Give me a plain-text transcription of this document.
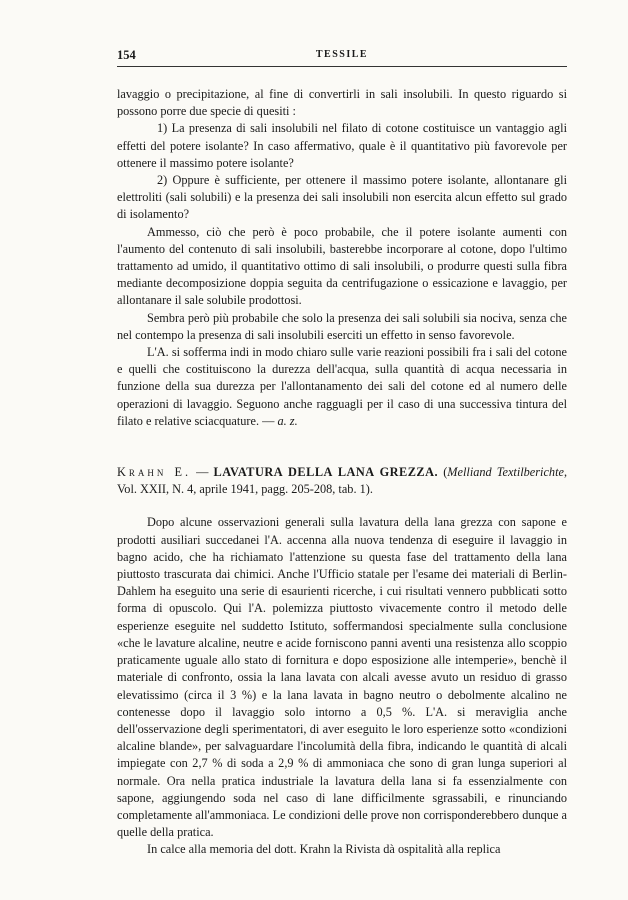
154	TESSILE

lavaggio o precipitazione, al fine di convertirli in sali insolubili. In questo riguardo si possono porre due specie di quesiti :

1) La presenza di sali insolubili nel filato di cotone costituisce un vantaggio agli effetti del potere isolante? In caso affermativo, quale è il quantitativo più favorevole per ottenere il massimo potere isolante?

2) Oppure è sufficiente, per ottenere il massimo potere isolante, allontanare gli elettroliti (sali solubili) e la presenza dei sali insolubili non esercita alcun effetto sul grado di isolamento?

Ammesso, ciò che però è poco probabile, che il potere isolante aumenti con l'aumento del contenuto di sali insolubili, basterebbe incorporare al cotone, dopo l'ultimo trattamento ad umido, il quantitativo ottimo di sali insolubili, o produrre questi sulla fibra mediante decomposizione doppia seguita da centrifugazione o essicazione e lavaggio, per allontanare il sale solubile prodottosi.

Sembra però più probabile che solo la presenza dei sali solubili sia nociva, senza che nel contempo la presenza di sali insolubili eserciti un effetto in senso favorevole.

L'A. si sofferma indi in modo chiaro sulle varie reazioni possibili fra i sali del cotone e quelli che costituiscono la durezza dell'acqua, sulla quantità di acqua necessaria in funzione della sua durezza per l'allontanamento dei sali del cotone ed al numero delle operazioni di lavaggio. Seguono anche ragguagli per il caso di una successiva tintura del filato e relative sciacquature. — a. z.

Krahn E. — LAVATURA DELLA LANA GREZZA. (Melliand Textilberichte, Vol. XXII, N. 4, aprile 1941, pagg. 205-208, tab. 1).

Dopo alcune osservazioni generali sulla lavatura della lana grezza con sapone e prodotti ausiliari succedanei l'A. accenna alla nuova tendenza di eseguire il lavaggio in bagno acido, che ha richiamato l'attenzione su questa fase del trattamento della lana piuttosto trascurata dai chimici. Anche l'Ufficio statale per l'esame dei materiali di Berlin-Dahlem ha eseguito una serie di esaurienti ricerche, i cui risultati vennero pubblicati sotto forma di opuscolo. Qui l'A. polemizza piuttosto vivacemente contro il metodo delle esperienze eseguite nel suddetto Istituto, soffermandosi specialmente sulla conclusione «che le lavature alcaline, neutre e acide forniscono panni aventi una resistenza allo scoppio praticamente uguale allo stato di fornitura e dopo esposizione alle intemperie», benchè il materiale di confronto, ossia la lana lavata con alcali avesse avuto un residuo di grasso elevatissimo (circa il 3 %) e la lana lavata in bagno neutro o debolmente alcalino ne contenesse dopo il lavaggio solo intorno a 0,5 %. L'A. si meraviglia anche dell'osservazione degli sperimentatori, di aver eseguito le loro esperienze sotto «condizioni alcaline blande», per salvaguardare l'incolumità della fibra, indicando le quantità di alcali impiegate con 2,7 % di soda a 2,9 % di ammoniaca che sono di gran lunga superiori al normale. Ora nella pratica industriale la lavatura della lana si fa essenzialmente con sapone, aggiungendo soda nel caso di lane difficilmente sgrassabili, e rinunciando completamente all'ammoniaca. Le condizioni delle prove non corrisponderebbero dunque a quelle della pratica.

In calce alla memoria del dott. Krahn la Rivista dà ospitalità alla replica
